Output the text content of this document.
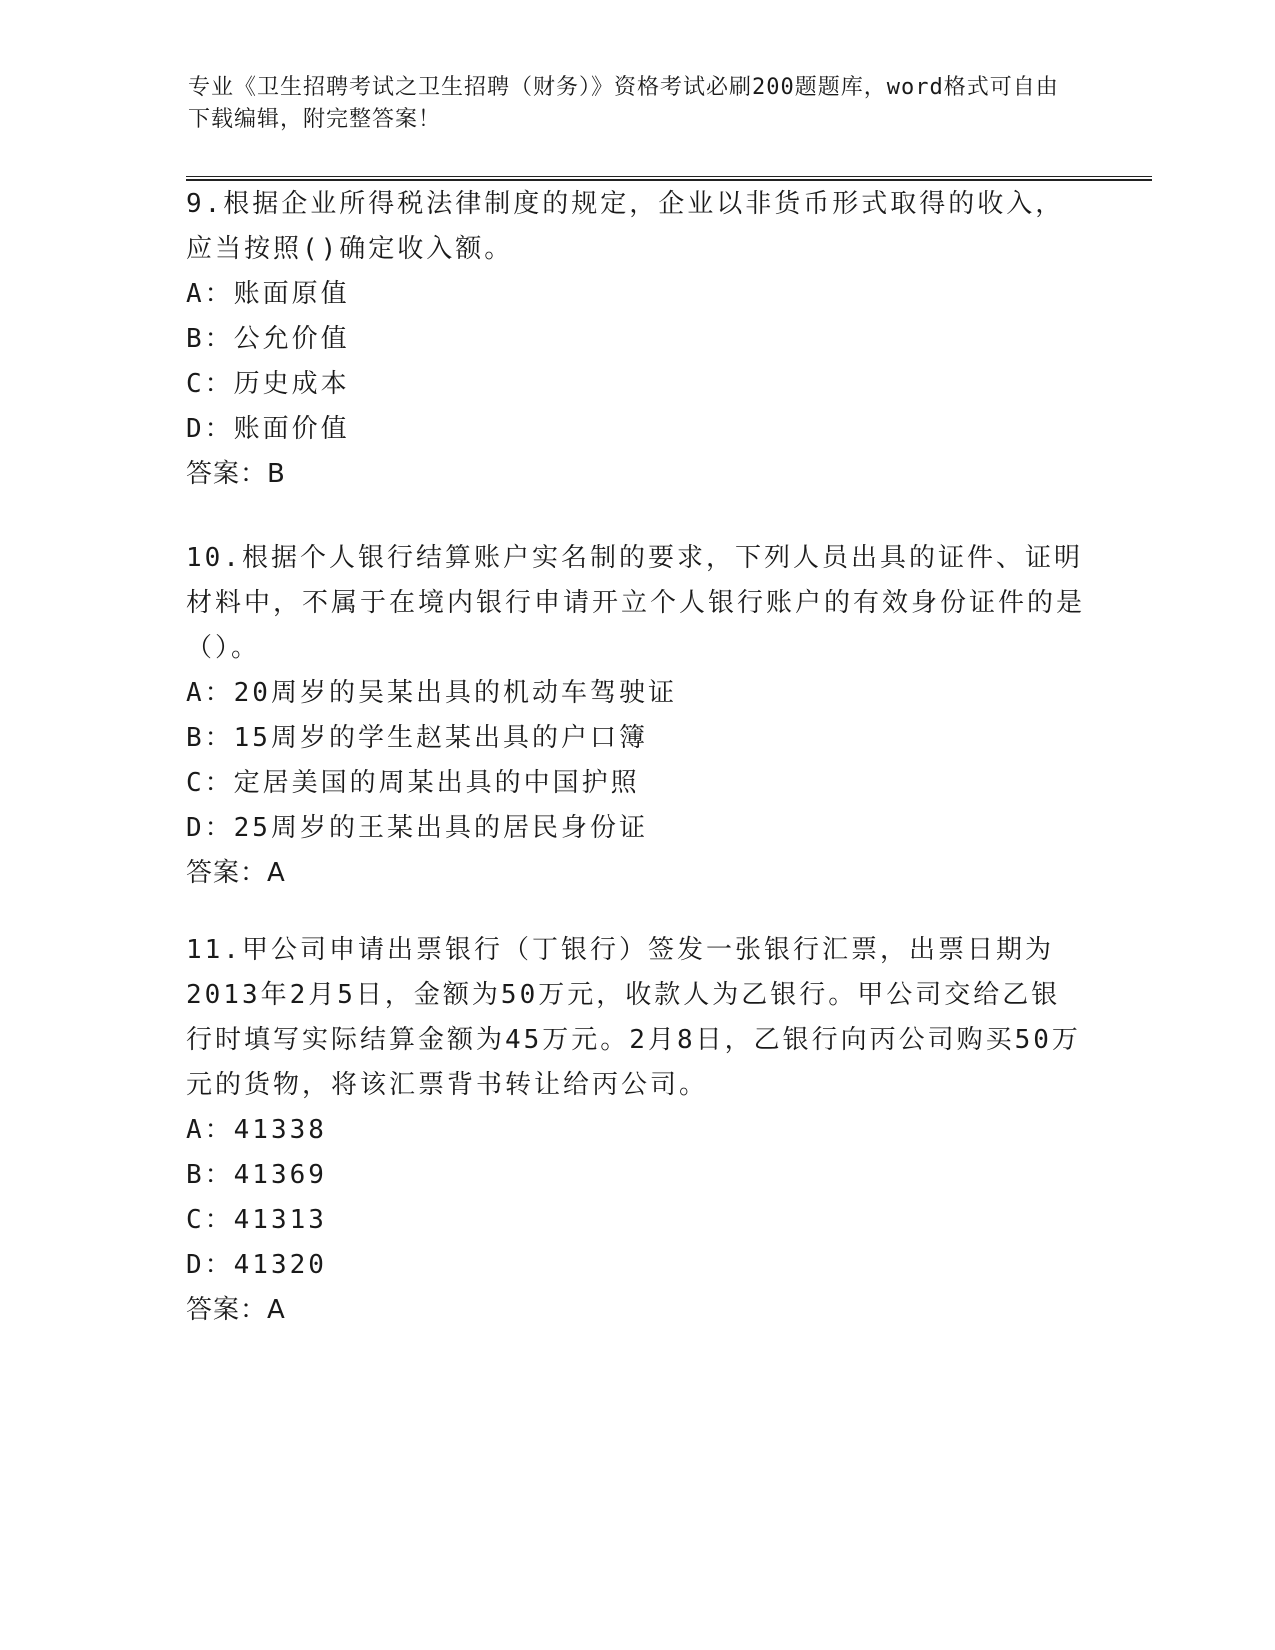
专业《卫生招聘考试之卫生招聘（财务）》资格考试必刷200题题库，word格式可自由下载编辑，附完整答案！
9.根据企业所得税法律制度的规定，企业以非货币形式取得的收入，应当按照()确定收入额。
A：账面原值
B：公允价值
C：历史成本
D：账面价值
答案：B
10.根据个人银行结算账户实名制的要求，下列人员出具的证件、证明材料中，不属于在境内银行申请开立个人银行账户的有效身份证件的是（）。
A：20周岁的吴某出具的机动车驾驶证
B：15周岁的学生赵某出具的户口簿
C：定居美国的周某出具的中国护照
D：25周岁的王某出具的居民身份证
答案：A
11.甲公司申请出票银行（丁银行）签发一张银行汇票，出票日期为2013年2月5日，金额为50万元，收款人为乙银行。甲公司交给乙银行时填写实际结算金额为45万元。2月8日，乙银行向丙公司购买50万元的货物，将该汇票背书转让给丙公司。
A：41338
B：41369
C：41313
D：41320
答案：A
